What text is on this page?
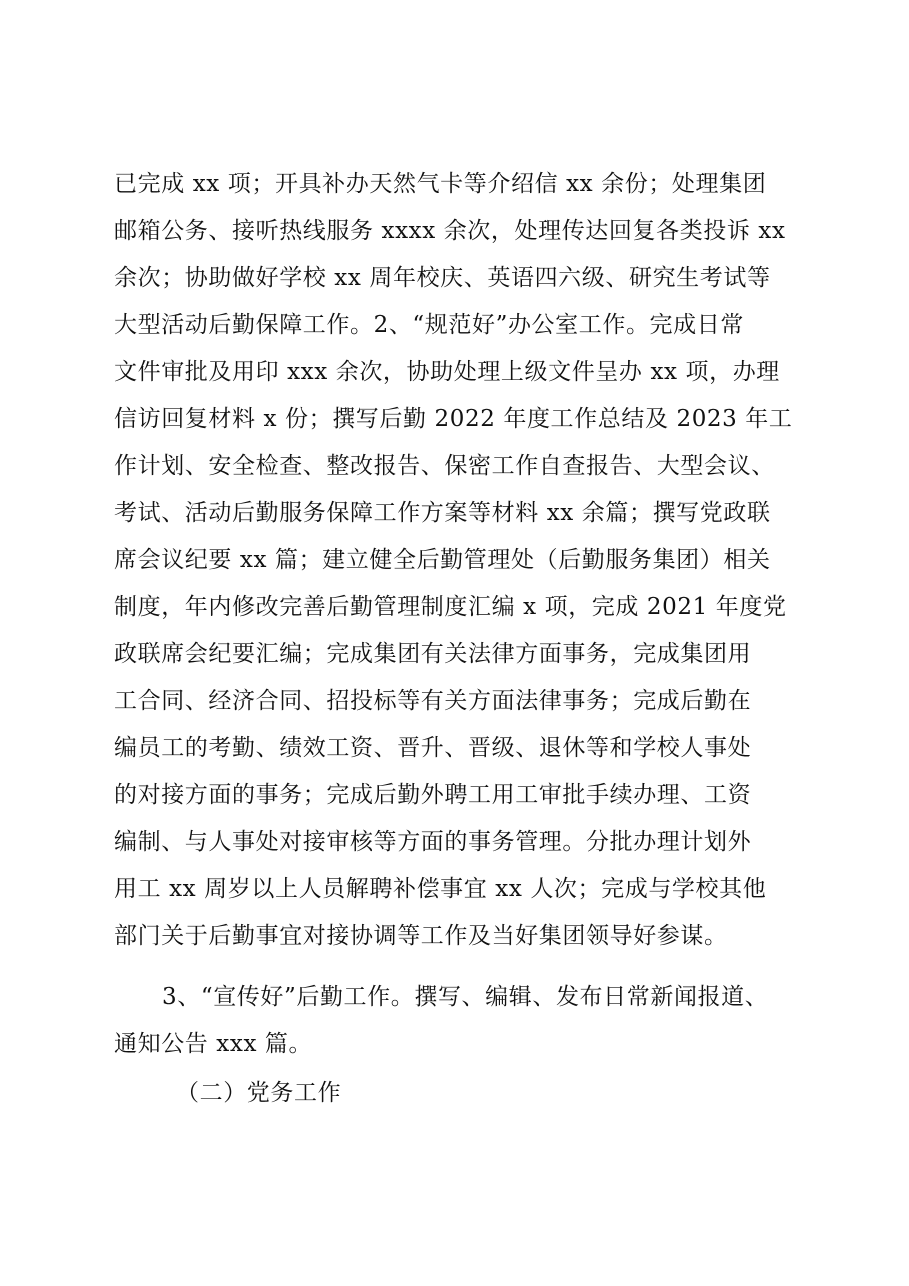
已完成 xx 项；开具补办天然气卡等介绍信 xx 余份；处理集团
邮箱公务、接听热线服务 xxxx 余次，处理传达回复各类投诉 xx
余次；协助做好学校 xx 周年校庆、英语四六级、研究生考试等
大型活动后勤保障工作。2、“规范好”办公室工作。完成日常
文件审批及用印 xxx 余次，协助处理上级文件呈办 xx 项，办理
信访回复材料 x 份；撰写后勤 2022 年度工作总结及 2023 年工
作计划、安全检查、整改报告、保密工作自查报告、大型会议、
考试、活动后勤服务保障工作方案等材料 xx 余篇；撰写党政联
席会议纪要 xx 篇；建立健全后勤管理处（后勤服务集团）相关
制度，年内修改完善后勤管理制度汇编 x 项，完成 2021 年度党
政联席会纪要汇编；完成集团有关法律方面事务，完成集团用
工合同、经济合同、招投标等有关方面法律事务；完成后勤在
编员工的考勤、绩效工资、晋升、晋级、退休等和学校人事处
的对接方面的事务；完成后勤外聘工用工审批手续办理、工资
编制、与人事处对接审核等方面的事务管理。分批办理计划外
用工 xx 周岁以上人员解聘补偿事宜 xx 人次；完成与学校其他
部门关于后勤事宜对接协调等工作及当好集团领导好参谋。
3、“宣传好”后勤工作。撰写、编辑、发布日常新闻报道、
通知公告 xxx 篇。
（二）党务工作
